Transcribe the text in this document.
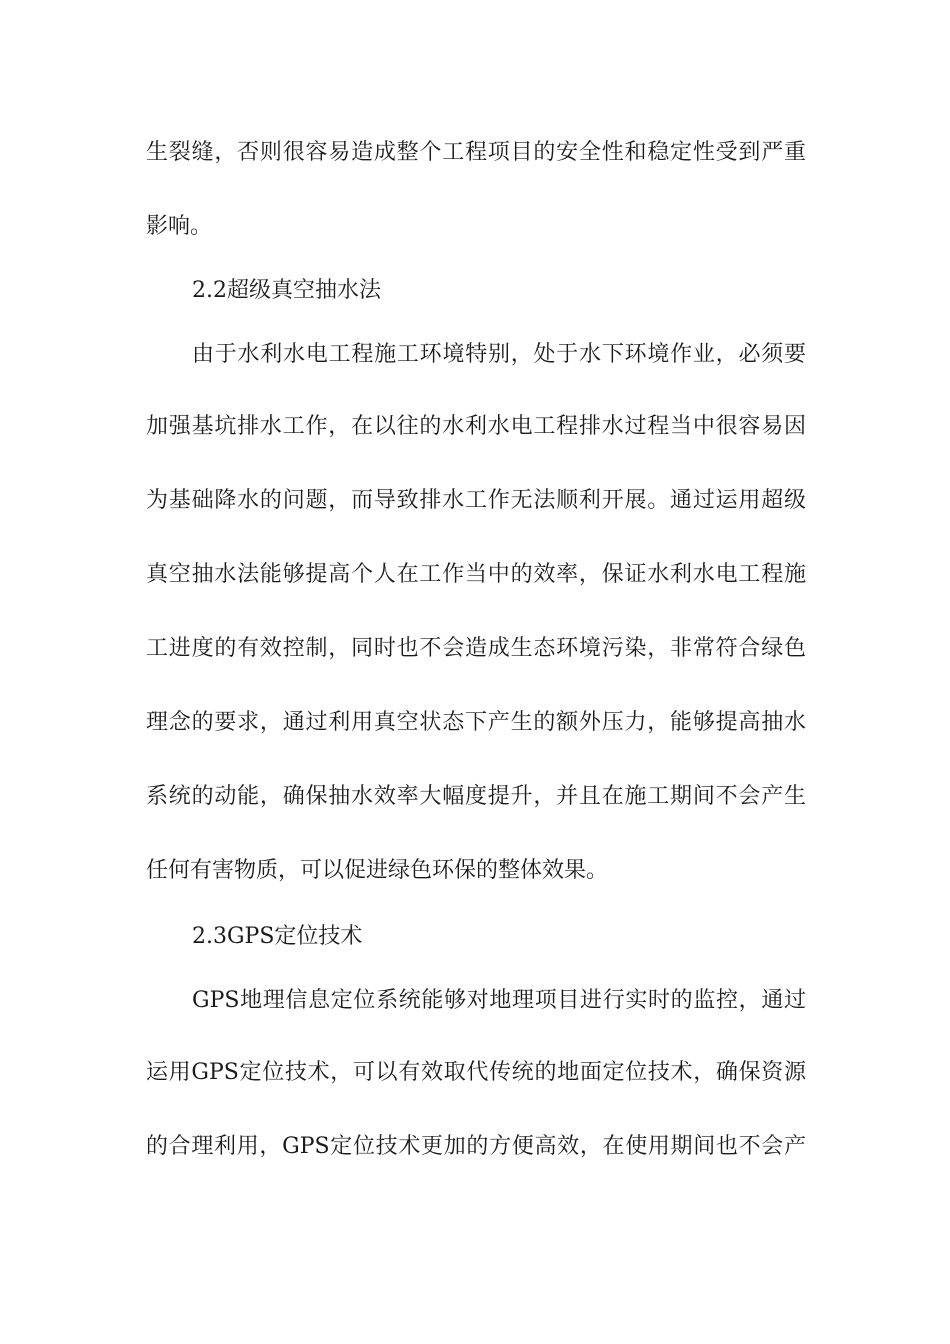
生裂缝，否则很容易造成整个工程项目的安全性和稳定性受到严重
影响。
2.2超级真空抽水法
由于水利水电工程施工环境特别，处于水下环境作业，必须要
加强基坑排水工作，在以往的水利水电工程排水过程当中很容易因
为基础降水的问题，而导致排水工作无法顺利开展。通过运用超级
真空抽水法能够提高个人在工作当中的效率，保证水利水电工程施
工进度的有效控制，同时也不会造成生态环境污染，非常符合绿色
理念的要求，通过利用真空状态下产生的额外压力，能够提高抽水
系统的动能，确保抽水效率大幅度提升，并且在施工期间不会产生
任何有害物质，可以促进绿色环保的整体效果。
2.3GPS定位技术
GPS地理信息定位系统能够对地理项目进行实时的监控，通过
运用GPS定位技术，可以有效取代传统的地面定位技术，确保资源
的合理利用，GPS定位技术更加的方便高效，在使用期间也不会产
